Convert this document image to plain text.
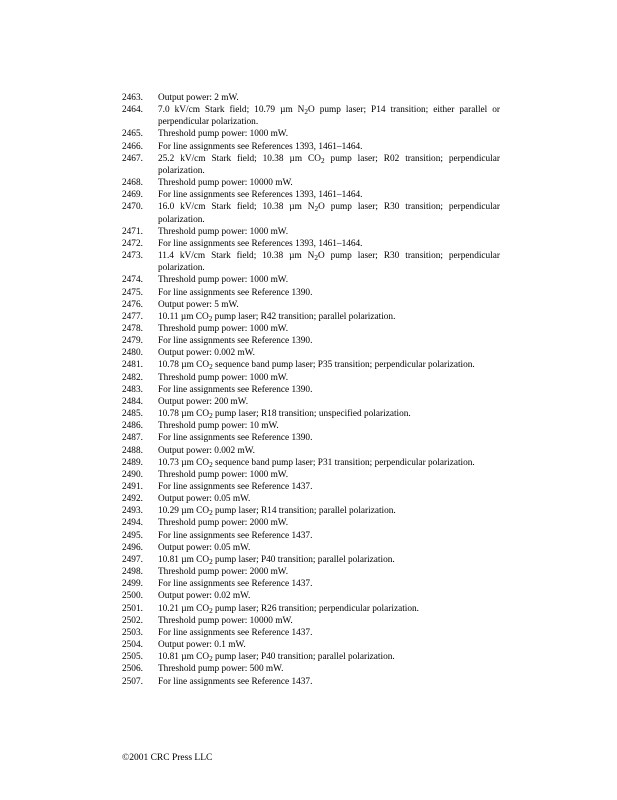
2463.	Output power: 2 mW.
2464.	7.0 kV/cm Stark field; 10.79 µm $N_2O$ pump laser; P14 transition; either parallel or perpendicular polarization.
2465.	Threshold pump power: 1000 mW.
2466.	For line assignments see References 1393, 1461–1464.
2467.	25.2 kV/cm Stark field; 10.38 µm $CO_2$ pump laser; R02 transition; perpendicular polarization.
2468.	Threshold pump power: 10000 mW.
2469.	For line assignments see References 1393, 1461–1464.
2470.	16.0 kV/cm Stark field; 10.38 µm $N_2O$ pump laser; R30 transition; perpendicular polarization.
2471.	Threshold pump power: 1000 mW.
2472.	For line assignments see References 1393, 1461–1464.
2473.	11.4 kV/cm Stark field; 10.38 µm $N_2O$ pump laser; R30 transition; perpendicular polarization.
2474.	Threshold pump power: 1000 mW.
2475.	For line assignments see Reference 1390.
2476.	Output power: 5 mW.
2477.	10.11 µm $CO_2$ pump laser; R42 transition; parallel polarization.
2478.	Threshold pump power: 1000 mW.
2479.	For line assignments see Reference 1390.
2480.	Output power: 0.002 mW.
2481.	10.78 µm $CO_2$ sequence band pump laser; P35 transition; perpendicular polarization.
2482.	Threshold pump power: 1000 mW.
2483.	For line assignments see Reference 1390.
2484.	Output power: 200 mW.
2485.	10.78 µm $CO_2$ pump laser; R18 transition; unspecified polarization.
2486.	Threshold pump power: 10 mW.
2487.	For line assignments see Reference 1390.
2488.	Output power: 0.002 mW.
2489.	10.73 µm $CO_2$ sequence band pump laser; P31 transition; perpendicular polarization.
2490.	Threshold pump power: 1000 mW.
2491.	For line assignments see Reference 1437.
2492.	Output power: 0.05 mW.
2493.	10.29 µm $CO_2$ pump laser; R14 transition; parallel polarization.
2494.	Threshold pump power: 2000 mW.
2495.	For line assignments see Reference 1437.
2496.	Output power: 0.05 mW.
2497.	10.81 µm $CO_2$ pump laser; P40 transition; parallel polarization.
2498.	Threshold pump power: 2000 mW.
2499.	For line assignments see Reference 1437.
2500.	Output power: 0.02 mW.
2501.	10.21 µm $CO_2$ pump laser; R26 transition; perpendicular polarization.
2502.	Threshold pump power: 10000 mW.
2503.	For line assignments see Reference 1437.
2504.	Output power: 0.1 mW.
2505.	10.81 µm $CO_2$ pump laser; P40 transition; parallel polarization.
2506.	Threshold pump power: 500 mW.
2507.	For line assignments see Reference 1437.
©2001 CRC Press LLC
